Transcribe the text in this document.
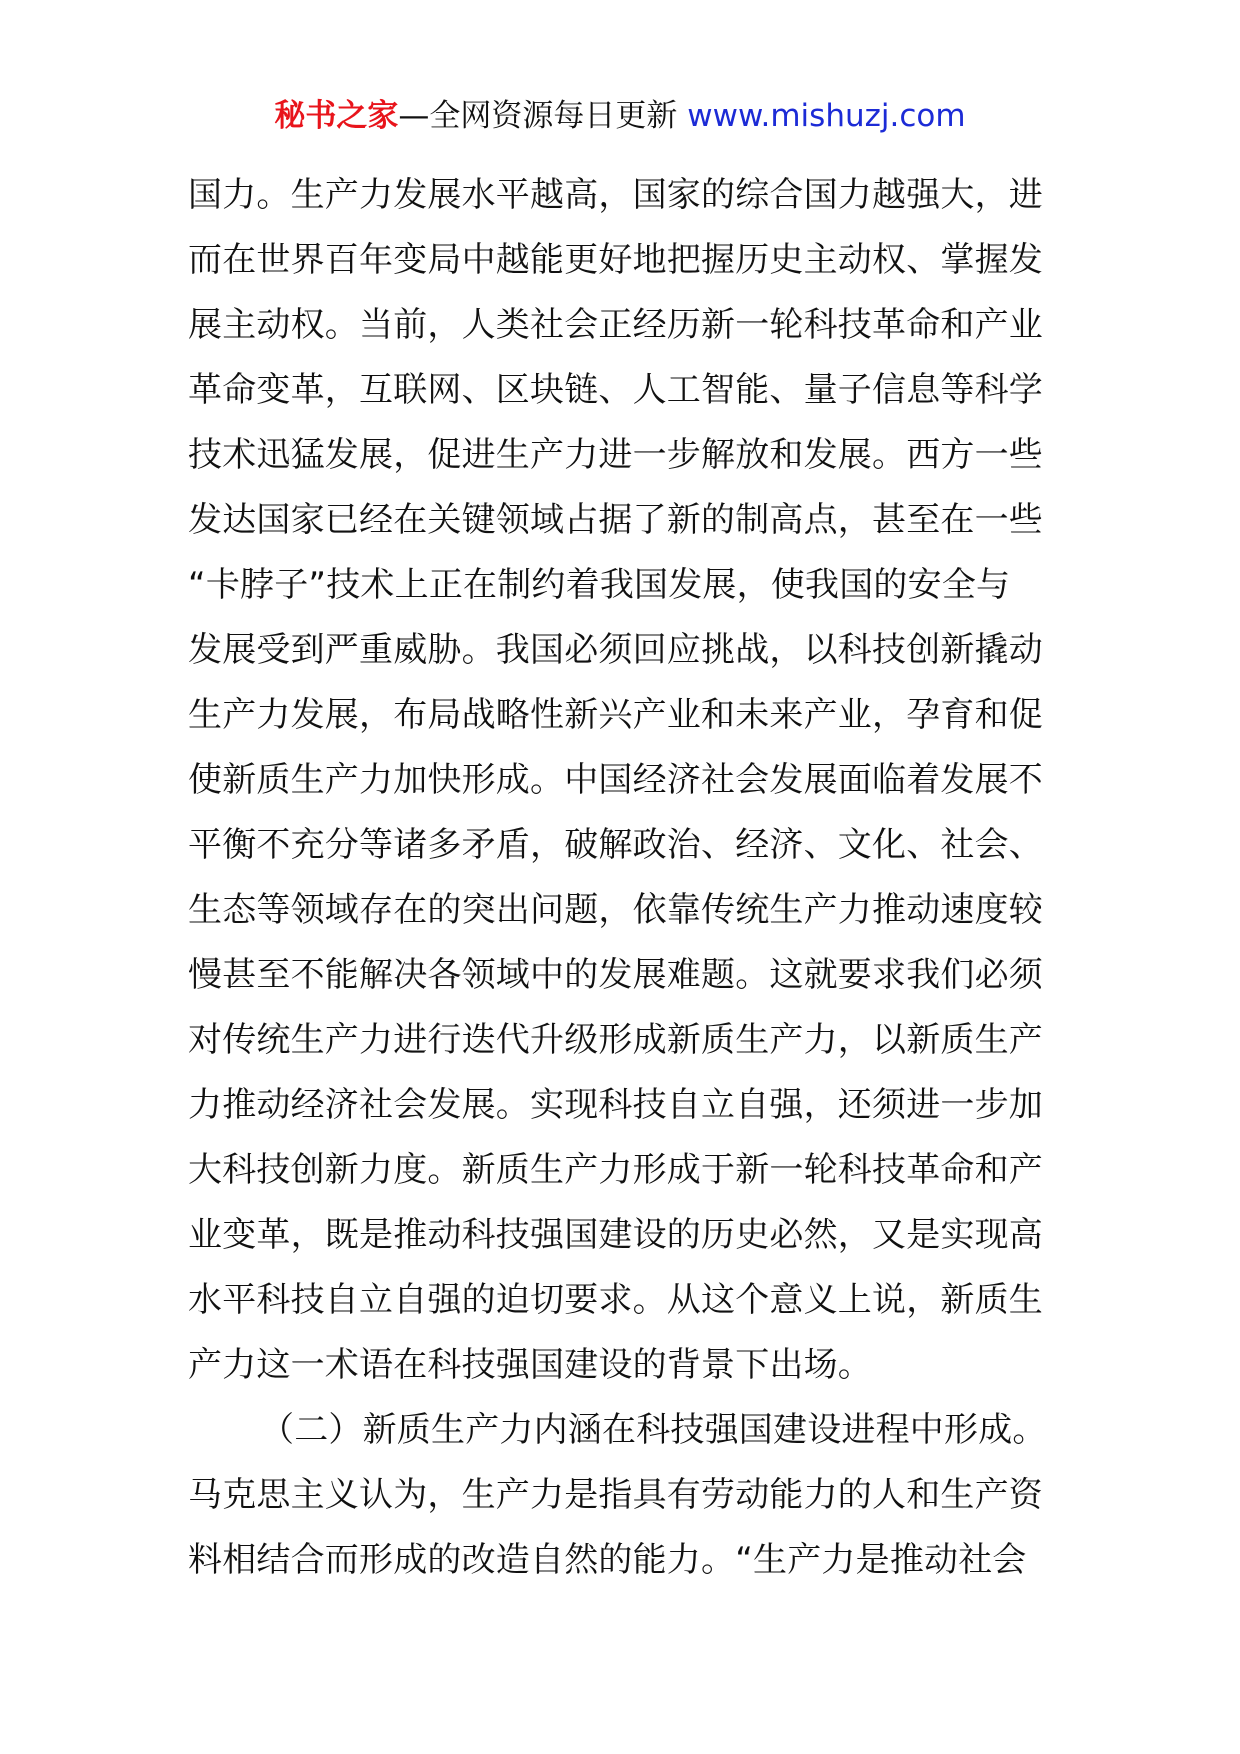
秘书之家—全网资源每日更新 www.mishuzj.com
国力。生产力发展水平越高，国家的综合国力越强大，进
而在世界百年变局中越能更好地把握历史主动权、掌握发
展主动权。当前，人类社会正经历新一轮科技革命和产业
革命变革，互联网、区块链、人工智能、量子信息等科学
技术迅猛发展，促进生产力进一步解放和发展。西方一些
发达国家已经在关键领域占据了新的制高点，甚至在一些
“卡脖子”技术上正在制约着我国发展，使我国的安全与
发展受到严重威胁。我国必须回应挑战，以科技创新撬动
生产力发展，布局战略性新兴产业和未来产业，孕育和促
使新质生产力加快形成。中国经济社会发展面临着发展不
平衡不充分等诸多矛盾，破解政治、经济、文化、社会、
生态等领域存在的突出问题，依靠传统生产力推动速度较
慢甚至不能解决各领域中的发展难题。这就要求我们必须
对传统生产力进行迭代升级形成新质生产力，以新质生产
力推动经济社会发展。实现科技自立自强，还须进一步加
大科技创新力度。新质生产力形成于新一轮科技革命和产
业变革，既是推动科技强国建设的历史必然，又是实现高
水平科技自立自强的迫切要求。从这个意义上说，新质生
产力这一术语在科技强国建设的背景下出场。
（二）新质生产力内涵在科技强国建设进程中形成。
马克思主义认为，生产力是指具有劳动能力的人和生产资
料相结合而形成的改造自然的能力。“生产力是推动社会
